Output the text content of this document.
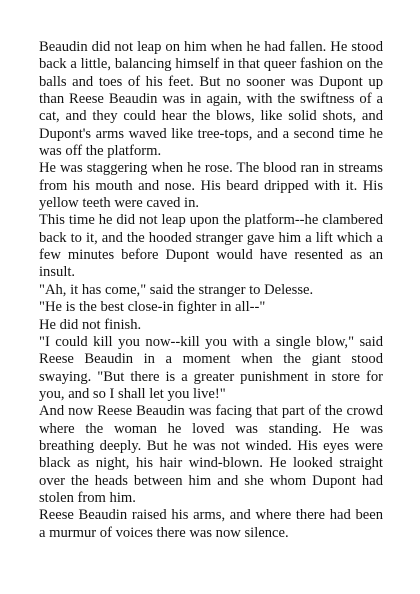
Beaudin did not leap on him when he had fallen. He stood back a little, balancing himself in that queer fashion on the balls and toes of his feet. But no sooner was Dupont up than Reese Beaudin was in again, with the swiftness of a cat, and they could hear the blows, like solid shots, and Dupont's arms waved like tree-tops, and a second time he was off the platform.

He was staggering when he rose. The blood ran in streams from his mouth and nose. His beard dripped with it. His yellow teeth were caved in.

This time he did not leap upon the platform--he clambered back to it, and the hooded stranger gave him a lift which a few minutes before Dupont would have resented as an insult.

"Ah, it has come," said the stranger to Delesse.

"He is the best close-in fighter in all--"

He did not finish.

"I could kill you now--kill you with a single blow," said Reese Beaudin in a moment when the giant stood swaying. "But there is a greater punishment in store for you, and so I shall let you live!"

And now Reese Beaudin was facing that part of the crowd where the woman he loved was standing. He was breathing deeply. But he was not winded. His eyes were black as night, his hair wind-blown. He looked straight over the heads between him and she whom Dupont had stolen from him.

Reese Beaudin raised his arms, and where there had been a murmur of voices there was now silence.
